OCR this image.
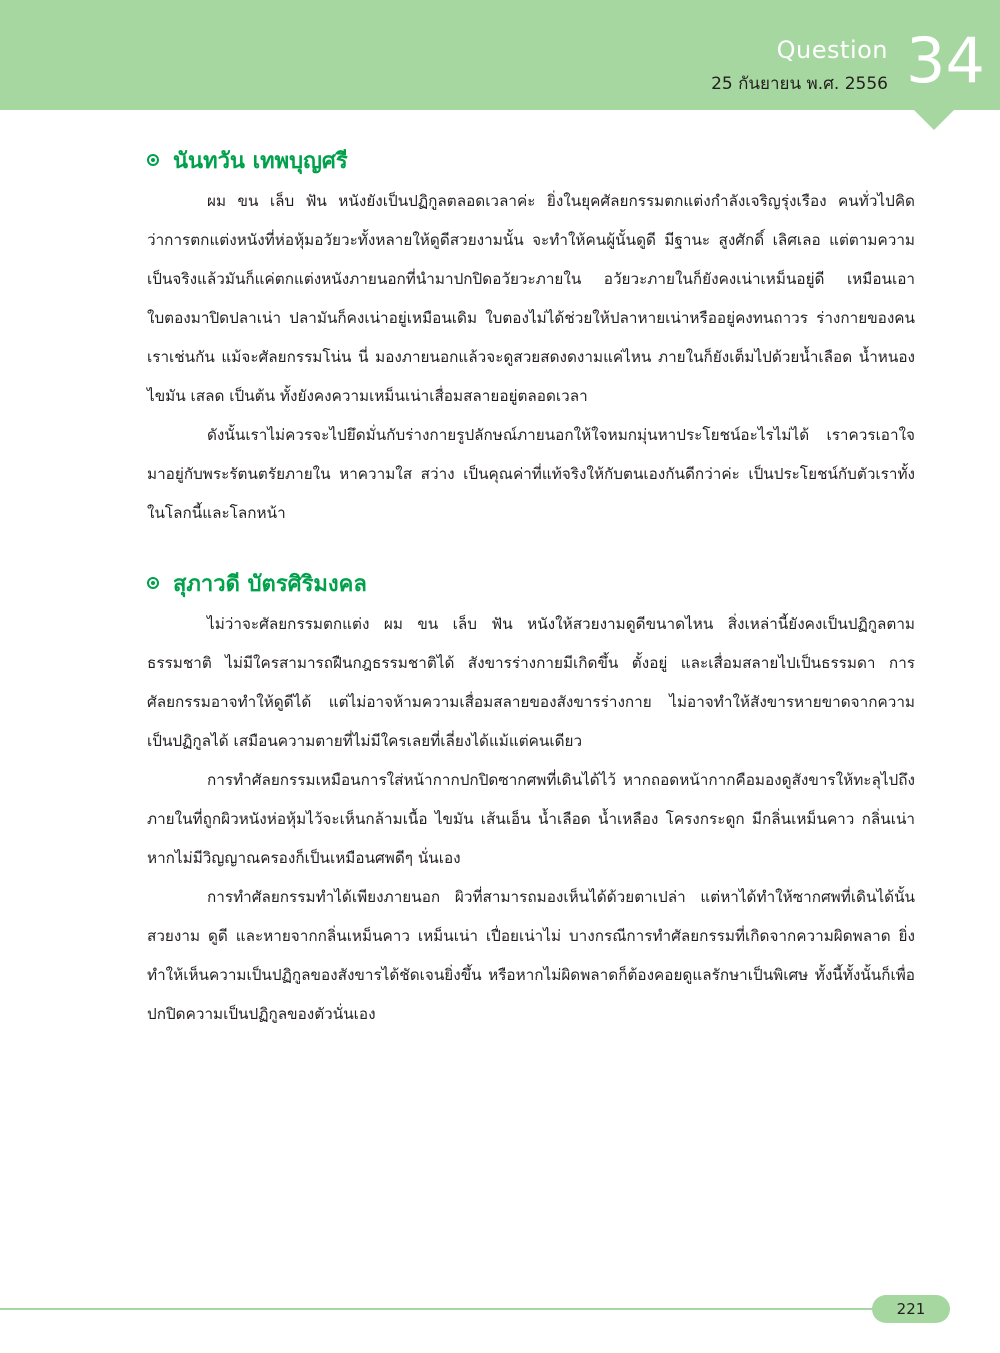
Question
25 กันยายน พ.ศ. 2556 34
นันทวัน เทพบุญศรี

ผม ขน เล็บ ฟัน หนังยังเป็นปฏิกูลตลอดเวลาค่ะ ยิ่งในยุคศัลยกรรมตกแต่งกำลังเจริญรุ่งเรือง คนทั่วไปคิดว่าการตกแต่งหนังที่ห่อหุ้มอวัยวะทั้งหลายให้ดูดีสวยงามนั้น จะทำให้คนผู้นั้นดูดี มีฐานะ สูงศักดิ์ เลิศเลอ แต่ตามความเป็นจริงแล้วมันก็แค่ตกแต่งหนังภายนอกที่นำมาปกปิดอวัยวะภายใน อวัยวะภายในก็ยังคงเน่าเหม็นอยู่ดี เหมือนเอาใบตองมาปิดปลาเน่า ปลามันก็คงเน่าอยู่เหมือนเดิม ใบตองไม่ได้ช่วยให้ปลาหายเน่าหรืออยู่คงทนถาวร ร่างกายของคนเราเช่นกัน แม้จะศัลยกรรมโน่น นี่ มองภายนอกแล้วจะดูสวยสดงดงามแค่ไหน ภายในก็ยังเต็มไปด้วยน้ำเลือด น้ำหนอง ไขมัน เสลด เป็นต้น ทั้งยังคงความเหม็นเน่าเสื่อมสลายอยู่ตลอดเวลา

ดังนั้นเราไม่ควรจะไปยึดมั่นกับร่างกายรูปลักษณ์ภายนอกให้ใจหมกมุ่นหาประโยชน์อะไรไม่ได้ เราควรเอาใจมาอยู่กับพระรัตนตรัยภายใน หาความใส สว่าง เป็นคุณค่าที่แท้จริงให้กับตนเองกันดีกว่าค่ะ เป็นประโยชน์กับตัวเราทั้งในโลกนี้และโลกหน้า

สุภาวดี บัตรศิริมงคล

ไม่ว่าจะศัลยกรรมตกแต่ง ผม ขน เล็บ ฟัน หนังให้สวยงามดูดีขนาดไหน สิ่งเหล่านี้ยังคงเป็นปฏิกูลตามธรรมชาติ ไม่มีใครสามารถฝืนกฎธรรมชาติได้ สังขารร่างกายมีเกิดขึ้น ตั้งอยู่ และเสื่อมสลายไปเป็นธรรมดา การศัลยกรรมอาจทำให้ดูดีได้ แต่ไม่อาจห้ามความเสื่อมสลายของสังขารร่างกาย ไม่อาจทำให้สังขารหายขาดจากความเป็นปฏิกูลได้ เสมือนความตายที่ไม่มีใครเลยที่เลี่ยงได้แม้แต่คนเดียว

การทำศัลยกรรมเหมือนการใส่หน้ากากปกปิดซากศพที่เดินได้ไว้ หากถอดหน้ากากคือมองดูสังขารให้ทะลุไปถึงภายในที่ถูกผิวหนังห่อหุ้มไว้จะเห็นกล้ามเนื้อ ไขมัน เส้นเอ็น น้ำเลือด น้ำเหลือง โครงกระดูก มีกลิ่นเหม็นคาว กลิ่นเน่า หากไม่มีวิญญาณครองก็เป็นเหมือนศพดีๆ นั่นเอง

การทำศัลยกรรมทำได้เพียงภายนอก ผิวที่สามารถมองเห็นได้ด้วยตาเปล่า แต่หาได้ทำให้ซากศพที่เดินได้นั้นสวยงาม ดูดี และหายจากกลิ่นเหม็นคาว เหม็นเน่า เปื่อยเน่าไม่ บางกรณีการทำศัลยกรรมที่เกิดจากความผิดพลาด ยิ่งทำให้เห็นความเป็นปฏิกูลของสังขารได้ชัดเจนยิ่งขึ้น หรือหากไม่ผิดพลาดก็ต้องคอยดูแลรักษาเป็นพิเศษ ทั้งนี้ทั้งนั้นก็เพื่อปกปิดความเป็นปฏิกูลของตัวนั่นเอง

221
